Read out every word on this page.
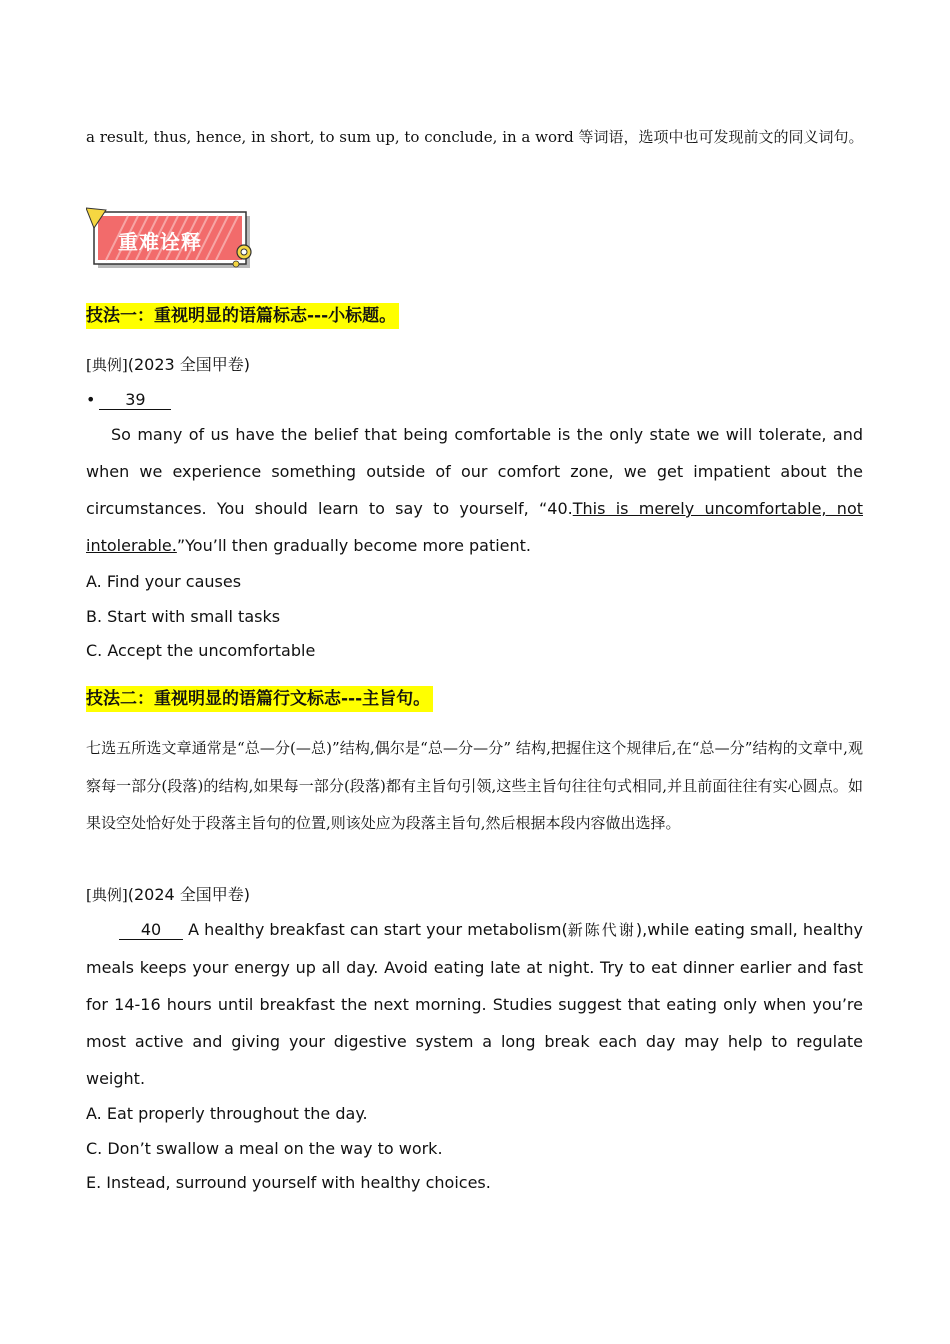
a result, thus, hence, in short, to sum up, to conclude, in a word 等词语，选项中也可发现前文的同义词句。
重难诠释
技法一：重视明显的语篇标志---小标题。
[典例](2023 全国甲卷)
• 39
So many of us have the belief that being comfortable is the only state we will tolerate, and when we experience something outside of our comfort zone, we get impatient about the circumstances. You should learn to say to yourself, “40.This is merely uncomfortable, not intolerable.”You’ll then gradually become more patient.
A. Find your causes
B. Start with small tasks
C. Accept the uncomfortable
技法二：重视明显的语篇行文标志---主旨句。
七选五所选文章通常是“总—分(—总)”结构,偶尔是“总—分—分” 结构,把握住这个规律后,在“总—分”结构的文章中,观察每一部分(段落)的结构,如果每一部分(段落)都有主旨句引领,这些主旨句往往句式相同,并且前面往往有实心圆点。如果设空处恰好处于段落主旨句的位置,则该处应为段落主旨句,然后根据本段内容做出选择。
[典例](2024 全国甲卷)
40 A healthy breakfast can start your metabolism(新陈代谢),while eating small, healthy meals keeps your energy up all day. Avoid eating late at night. Try to eat dinner earlier and fast for 14-16 hours until breakfast the next morning. Studies suggest that eating only when you’re most active and giving your digestive system a long break each day may help to regulate weight.
A. Eat properly throughout the day.
C. Don’t swallow a meal on the way to work.
E. Instead, surround yourself with healthy choices.
